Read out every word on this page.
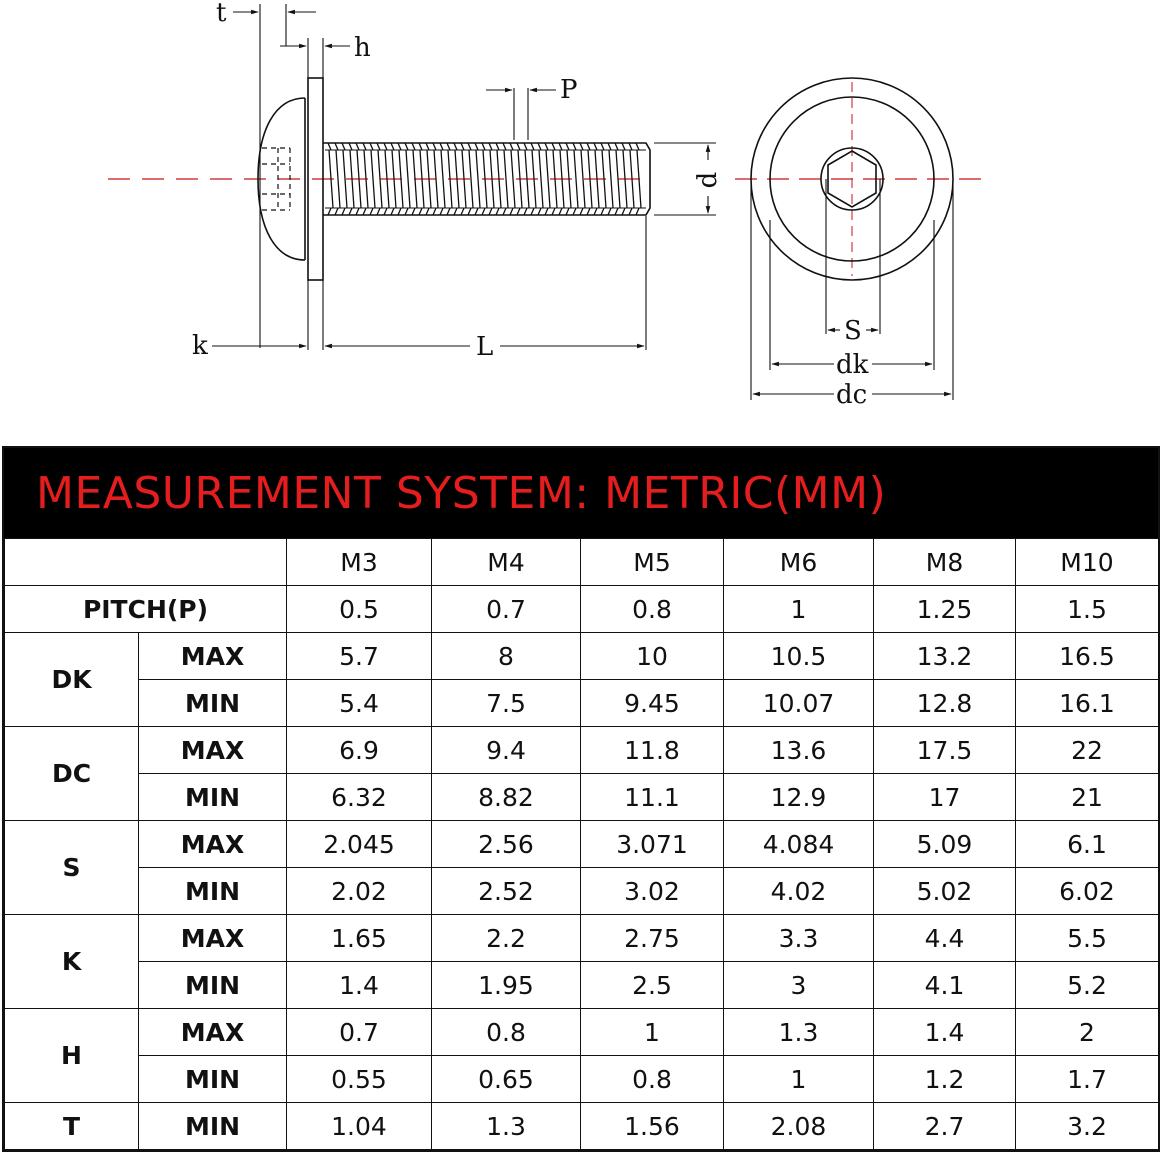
t
h
P
d
k	L
S
dk
dc
MEASUREMENT SYSTEM: METRIC(MM)
		M3	M4	M5	M6	M8	M10
PITCH(P)		0.5	0.7	0.8	1	1.25	1.5
DK	MAX	5.7	8	10	10.5	13.2	16.5
	MIN	5.4	7.5	9.45	10.07	12.8	16.1
DC	MAX	6.9	9.4	11.8	13.6	17.5	22
	MIN	6.32	8.82	11.1	12.9	17	21
S	MAX	2.045	2.56	3.071	4.084	5.09	6.1
	MIN	2.02	2.52	3.02	4.02	5.02	6.02
K	MAX	1.65	2.2	2.75	3.3	4.4	5.5
	MIN	1.4	1.95	2.5	3	4.1	5.2
H	MAX	0.7	0.8	1	1.3	1.4	2
	MIN	0.55	0.65	0.8	1	1.2	1.7
T	MIN	1.04	1.3	1.56	2.08	2.7	3.2
